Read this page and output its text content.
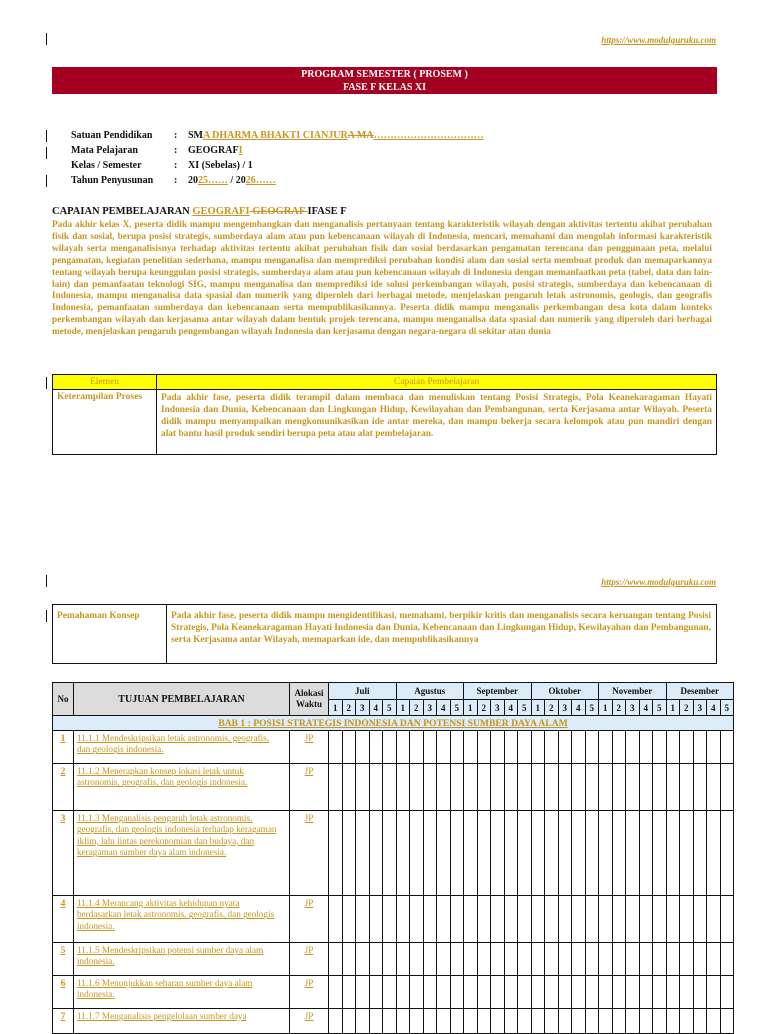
https://www.modulguruku.com
PROGRAM SEMESTER ( PROSEM )
FASE F KELAS XI
Satuan Pendidikan : SMA DHARMA BHAKTI CIANJURA MA……………………………
Mata Pelajaran	: GEOGRAFI
Kelas / Semester	: XI (Sebelas) / 1
Tahun Penyusunan : 2025…… / 2026……
CAPAIAN PEMBELAJARAN GEOGRAFI GEOGRAF IFASE F
Pada akhir kelas X, peserta didik mampu mengembangkan dan menganalisis pertanyaan tentang karakteristik wilayah dengan aktivitas tertentu akibat perubahan fisik dan sosial, berupa posisi strategis, sumberdaya alam atau pun kebencanaan wilayah di Indonesia, mencari, memahami dan mengolah informasi karakteristik wilayah serta menganalisisnya terhadap aktivitas tertentu akibat perubahan fisik dan sosial berdasarkan pengamatan terencana dan penggunaan peta, melalui pengamatan, kegiatan penelitian sederhana, mampu menganalisa dan memprediksi perubahan kondisi alam dan sosial serta membuat produk dan memaparkannya tentang wilayah berupa keunggulan posisi strategis, sumberdaya alam atau pun kebencanaan wilayah di Indonesia dengan memanfaatkan peta (tabel, data dan lain-lain) dan pemanfaatan teknologi SIG, mampu menganalisa dan memprediksi ide solusi perkembangan wilayah, posisi strategis, sumberdaya dan kebencanaan di Indonesia, mampu menganalisa data spasial dan numerik yang diperoleh dari berbagai metode, menjelaskan pengaruh letak astronomis, geologis, dan geografis Indonesia, pemanfaatan sumberdaya dan kebencanaan serta mempublikasikannya. Peserta didik mampu menganalis perkembangan desa kota dalam konteks perkembangan wilayah dan kerjasama antar wilayah dalam bentuk projek terencana, mampu menganalisa data spasial dan numerik yang diperoleh dari berbagai metode, menjelaskan pengaruh pengembangan wilayah Indonesia dan kerjasama dengan negara-negara di sekitar atau dunia
Elemen	Capaian Pembelajaran
Keterampilan Proses	Pada akhir fase, peserta didik terampil dalam membaca dan menuliskan tentang Posisi Strategis, Pola Keanekaragaman Hayati Indonesia dan Dunia, Kebencanaan dan Lingkungan Hidup, Kewilayahan dan Pembangunan, serta Kerjasama antar Wilayah. Peserta didik mampu menyampaikan mengkomunikasikan ide antar mereka, dan mampu bekerja secara kelompok atau pun mandiri dengan alat bantu hasil produk sendiri berupa peta atau alat pembelajaran.
https://www.modulguruku.com
Pemahaman Konsep	Pada akhir fase, peserta didik mampu mengidentifikasi, memahami, berpikir kritis dan menganalisis secara keruangan tentang Posisi Strategis, Pola Keanekaragaman Hayati Indonesia dan Dunia, Kebencanaan dan Lingkungan Hidup, Kewilayahan dan Pembangunan, serta Kerjasama antar Wilayah, memaparkan ide, dan mempublikasikannya
No	TUJUAN PEMBELAJARAN	Alokasi
Waktu	Juli					Agustus					September					Oktober					November					Desember				
			1	2	3	4	5	1	2	3	4	5	1	2	3	4	5	1	2	3	4	5	1	2	3	4	5	1	2	3	4	5
BAB 1 : POSISI STRATEGIS INDONESIA DAN POTENSI SUMBER DAYA ALAM																																
1	11.1.1 Mendeskripsikan letak astronomis, geografis, dan geologis indonesia.	JP																														
2	11.1.2 Menerapkan konsep lokasi letak untuk astronomis, geografis, dan geologis indonesia.	JP																														
3	11.1.3 Menganalisis pengaruh letak astronomis, geografis, dan geologis indonesia terhadap keragaman iklim, lalu lintas perekonomian dan budaya, dan keragaman sumber daya alam indonesia.	JP																														
4	11.1.4 Merancang aktivitas kehidupan nyata berdasarkan letak astronomis, geografis, dan geologis indonesia.	JP																														
5	11.1.5 Mendeskripsikan potensi sumber daya alam indonesia.	JP																														
6	11.1.6 Menunjukkan sebaran sumber daya alam indonesia.	JP																														
7	11.1.7 Menganalisis pengelolaan sumber daya	JP																														
